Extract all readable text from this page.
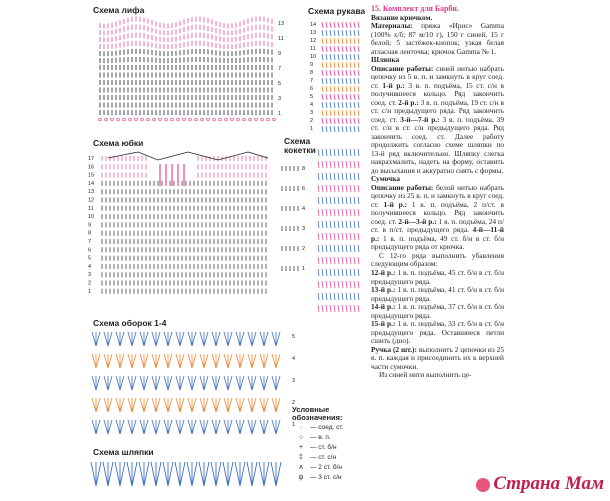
Схема лифа	Схема рукава
Схема юбки	Схема кокетки
Схема оборок 1-4
Схема шляпки
13
11
9
7
5
3
1
14
13
12
11
10
9
8
7
6
5
4
3
2
1
17
16
15
14
13
12
11
10
9
8
7
6
5
4
3
2
1
8
6
4
3
2
1
5
4
3
2
1
Условные обозначения:
·	— соед. ст.
○	— в. п.
+	— ст. б/н
‡	— ст. с/н
∧ — 2 ст. б/н
ψ	— 3 ст. с/н

15. Комплект для Барби.

Вязание крючком.

Материалы: пряжа «Ирис» Gamma (100% х/б; 87 м/10 г), 150 г синей, 15 г белой; 5 застёжек-кнопок; узкая белая атласная ленточка; крючок Gamma № 1.

Шляпка

Описание работы: синей нитью набрать цепочку из 5 в. п. и замкнуть в круг соед. ст. 1-й р.: 3 в. п. подъёма, 15 ст. с/н в получившееся кольцо. Ряд закончить соед. ст. 2-й р.: 3 в. п. подъёма, 19 ст. с/н в ст. с/н предыдущего ряда. Ряд закончить соед. ст. 3-й—7-й р.: 3 в. п. подъёма, 39 ст. с/н в ст. с/н предыдущего ряда. Ряд закончить соед. ст. Далее работу продолжить согласно схеме шляпки по 13-й ряд включительно. Шляпку слегка накрахмалить, надеть на форму, оставить до высыхания и аккуратно снять с формы.

Сумочка

Описание работы: белой нитью набрать цепочку из 25 в. п. и замкнуть в круг соед. ст. 1-й р.: 1 в. п. подъёма, 2 п/ст. в получившееся кольцо. Ряд закончить соед. ст. 2-й—3-й р.: 1 в. п. подъёма, 24 п/ст. в п/ст. предыдущего ряда. 4-й—11-й р.: 1 в. п. подъёма, 49 ст. б/н в ст. б/н предыдущего ряда от крючка.

С 12-го ряда выполнить убавления следующим образом:

12-й р.: 1 в. п. подъёма, 45 ст. б/н в ст. б/н предыдущего ряда.

13-й р.: 1 в. п. подъёма, 41 ст. б/н в ст. б/н предыдущего ряда.

14-й р.: 1 в. п. подъёма, 37 ст. б/н в ст. б/н предыдущего ряда.

15-й р.: 1 в. п. подъёма, 33 ст. б/н в ст. б/н предыдущего ряда. Оставшиеся петли сшить (дно).

Ручка (2 шт.): выполнить 2 цепочки из 25 в. п. каждая и присоединить их к верхней части сумочки.

Из синей нити выполнить це-

Страна Мам
